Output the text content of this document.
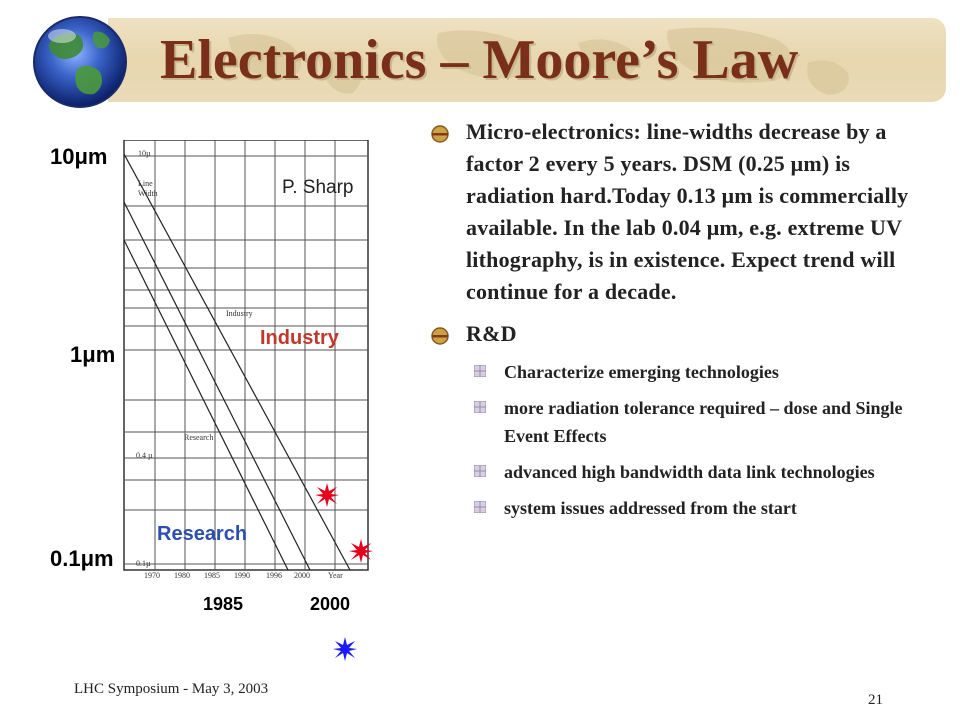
Electronics – Moore’s Law
10µ
Line
Width
Industry
Research
0.4 µ
0.1µ
Year
1970 1980 1985 1990 1996 2000
10μm
1μm
0.1μm
1985	2000
P. Sharp
Industry
Research
Micro-electronics: line-widths decrease by a factor 2 every 5 years. DSM (0.25 μm) is radiation hard.Today 0.13 μm is commercially available. In the lab 0.04 μm, e.g. extreme UV lithography, is in existence. Expect trend will continue for a decade.
R&D
Characterize emerging technologies
more radiation tolerance required – dose and Single Event Effects
advanced high bandwidth data link technologies
system issues addressed from the start
LHC Symposium - May 3, 2003
21
